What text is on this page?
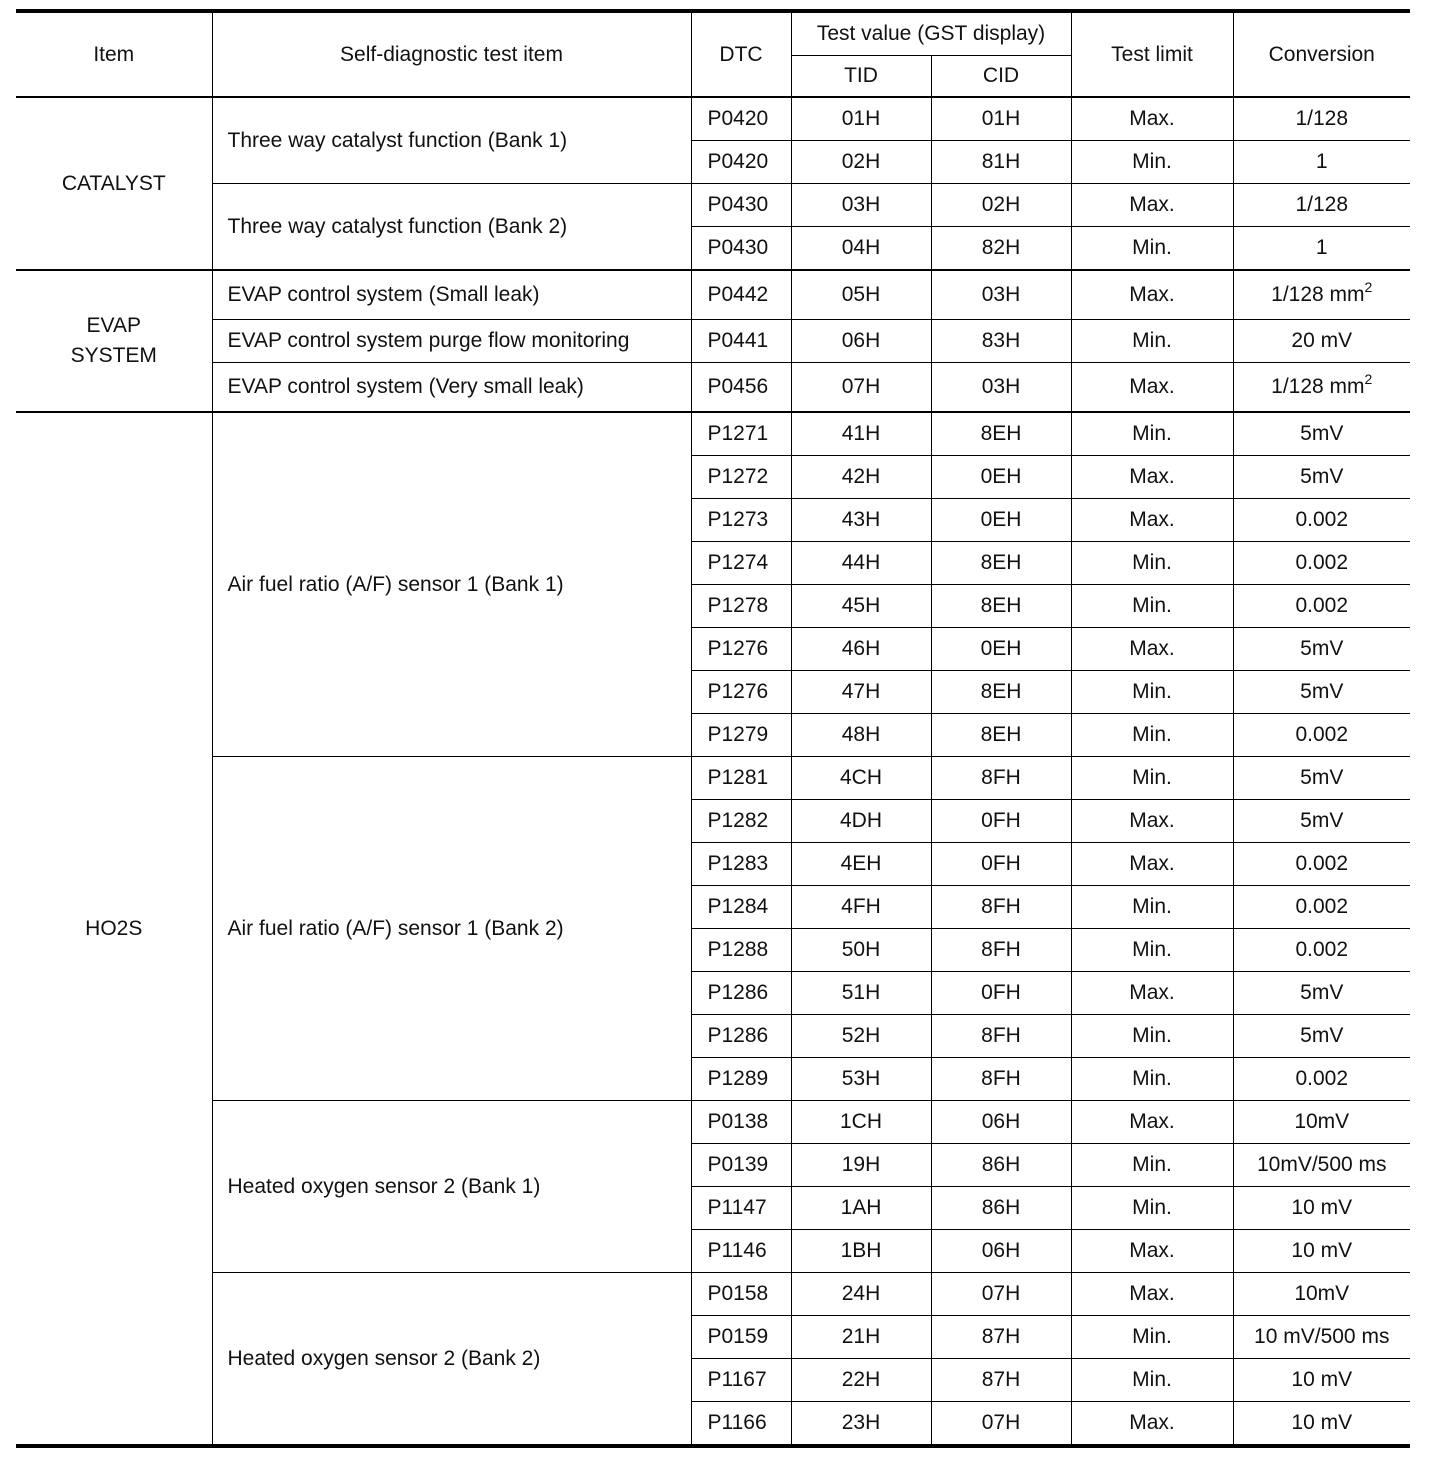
Item	Self-diagnostic test item	DTC	Test value (GST display)		Test limit	Conversion
			TID	CID		
CATALYST	Three way catalyst function (Bank 1)	P0420	01H	01H	Max.	1/128
		P0420	02H	81H	Min.	1
	Three way catalyst function (Bank 2)	P0430	03H	02H	Max.	1/128
		P0430	04H	82H	Min.	1
EVAP
SYSTEM	EVAP control system (Small leak)	P0442	05H	03H	Max.	1/128 $mm^2$
	EVAP control system purge flow monitoring	P0441	06H	83H	Min.	20 mV
	EVAP control system (Very small leak)	P0456	07H	03H	Max.	1/128 $mm^2$
HO2S	Air fuel ratio (A/F) sensor 1 (Bank 1)	P1271	41H	8EH	Min.	5mV
		P1272	42H	0EH	Max.	5mV
		P1273	43H	0EH	Max.	0.002
		P1274	44H	8EH	Min.	0.002
		P1278	45H	8EH	Min.	0.002
		P1276	46H	0EH	Max.	5mV
		P1276	47H	8EH	Min.	5mV
		P1279	48H	8EH	Min.	0.002
	Air fuel ratio (A/F) sensor 1 (Bank 2)	P1281	4CH	8FH	Min.	5mV
		P1282	4DH	0FH	Max.	5mV
		P1283	4EH	0FH	Max.	0.002
		P1284	4FH	8FH	Min.	0.002
		P1288	50H	8FH	Min.	0.002
		P1286	51H	0FH	Max.	5mV
		P1286	52H	8FH	Min.	5mV
		P1289	53H	8FH	Min.	0.002
	Heated oxygen sensor 2 (Bank 1)	P0138	1CH	06H	Max.	10mV
		P0139	19H	86H	Min.	10mV/500 ms
		P1147	1AH	86H	Min.	10 mV
		P1146	1BH	06H	Max.	10 mV
	Heated oxygen sensor 2 (Bank 2)	P0158	24H	07H	Max.	10mV
		P0159	21H	87H	Min.	10 mV/500 ms
		P1167	22H	87H	Min.	10 mV
		P1166	23H	07H	Max.	10 mV
